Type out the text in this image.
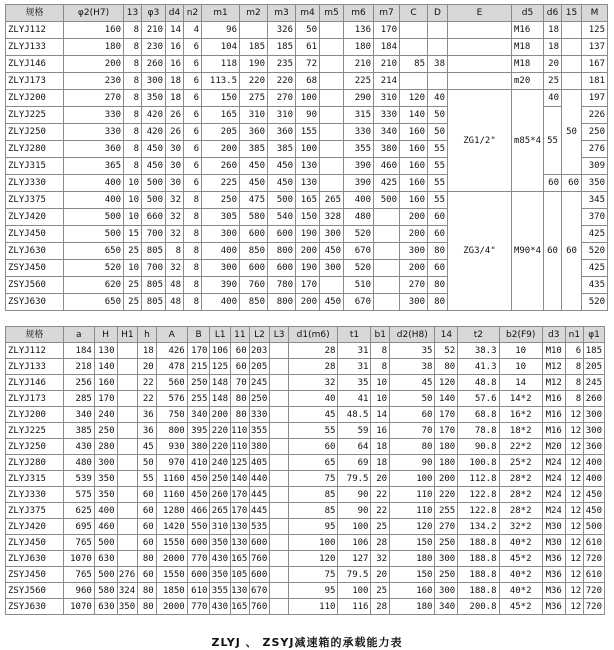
规格	φ2(H7)	13	φ3	d4	n2	m1	m2	m3	m4	m5	m6	m7	C	D	E	d5	d6	15	M
ZLYJ112	160	8	210	14	4	96		326	50		136	170				M16	18		125
ZLYJ133	180	8	230	16	6	104	185	185	61		180	184				M18	18		137
ZLYJ146	200	8	260	16	6	118	190	235	72		210	210	85	38		M18	20		167
ZLYJ173	230	8	300	18	6	113.5	220	220	68		225	214				m20	25		181
ZLYJ200	270	8	350	18	6	150	275	270	100		290	310	120	40	ZG1/2"	m85*4	40	50	197
ZLYJ225	330	8	420	26	6	165	310	310	90		315	330	140	50			55		226
ZLYJ250	330	8	420	26	6	205	360	360	155		330	340	160	50					250
ZLYJ280	360	8	450	30	6	200	385	385	100		355	380	160	55					276
ZLYJ315	365	8	450	30	6	260	450	450	130		390	460	160	55					309
ZLYJ330	400	10	500	30	6	225	450	450	130		390	425	160	55			60	60	350
ZLYJ375	400	10	500	32	8	250	475	500	165	265	400	500	160	55	ZG3/4"	M90*4	60	60	345
ZLYJ420	500	10	660	32	8	305	580	540	150	328	480		200	60					370
ZLYJ450	500	15	700	32	8	300	600	600	190	300	520		200	60					425
ZLYJ630	650	25	805	8	8	400	850	800	200	450	670		300	80					520
ZSYJ450	520	10	700	32	8	300	600	600	190	300	520		200	60					425
ZSYJ560	620	25	805	48	8	390	760	780	170		510		270	80					435
ZSYJ630	650	25	805	48	8	400	850	800	200	450	670		300	80					520
规格	a	H	H1	h	A	B	L1	11	L2	L3	d1(m6)	t1	b1	d2(H8)	14	t2	b2(F9)	d3	n1	φ1
ZLYJ112	184	130		18	426	170	106	60	203		28	31	8	35	52	38.3	10	M10	6	185
ZLYJ133	218	140		20	478	215	125	60	205		28	31	8	38	80	41.3	10	M12	8	205
ZLYJ146	256	160		22	560	250	148	70	245		32	35	10	45	120	48.8	14	M12	8	245
ZLYJ173	285	170		22	576	255	148	80	250		40	41	10	50	140	57.6	14*2	M16	8	260
ZLYJ200	340	240		36	750	340	200	80	330		45	48.5	14	60	170	68.8	16*2	M16	12	300
ZLYJ225	385	250		36	800	395	220	110	355		55	59	16	70	170	78.8	18*2	M16	12	300
ZLYJ250	430	280		45	930	380	220	110	380		60	64	18	80	180	90.8	22*2	M20	12	360
ZLYJ280	480	300		50	970	410	240	125	405		65	69	18	90	180	100.8	25*2	M24	12	400
ZLYJ315	539	350		55	1160	450	250	140	440		75	79.5	20	100	200	112.8	28*2	M24	12	400
ZLYJ330	575	350		60	1160	450	260	170	445		85	90	22	110	220	122.8	28*2	M24	12	450
ZLYJ375	625	400		60	1280	466	265	170	445		85	90	22	110	255	122.8	28*2	M24	12	450
ZLYJ420	695	460		60	1420	550	310	130	535		95	100	25	120	270	134.2	32*2	M30	12	500
ZLYJ450	765	500		60	1550	600	350	130	600		100	106	28	150	250	188.8	40*2	M30	12	610
ZLYJ630	1070	630		80	2000	770	430	165	760		120	127	32	180	300	188.8	45*2	M36	12	720
ZSYJ450	765	500	276	60	1550	600	350	105	600		75	79.5	20	150	250	188.8	40*2	M36	12	610
ZSYJ560	960	580	324	80	1850	610	355	130	670		95	100	25	160	300	188.8	40*2	M36	12	720
ZSYJ630	1070	630	350	80	2000	770	430	165	760		110	116	28	180	340	200.8	45*2	M36	12	720
ZLYJ 、 ZSYJ减速箱的承载能力表
